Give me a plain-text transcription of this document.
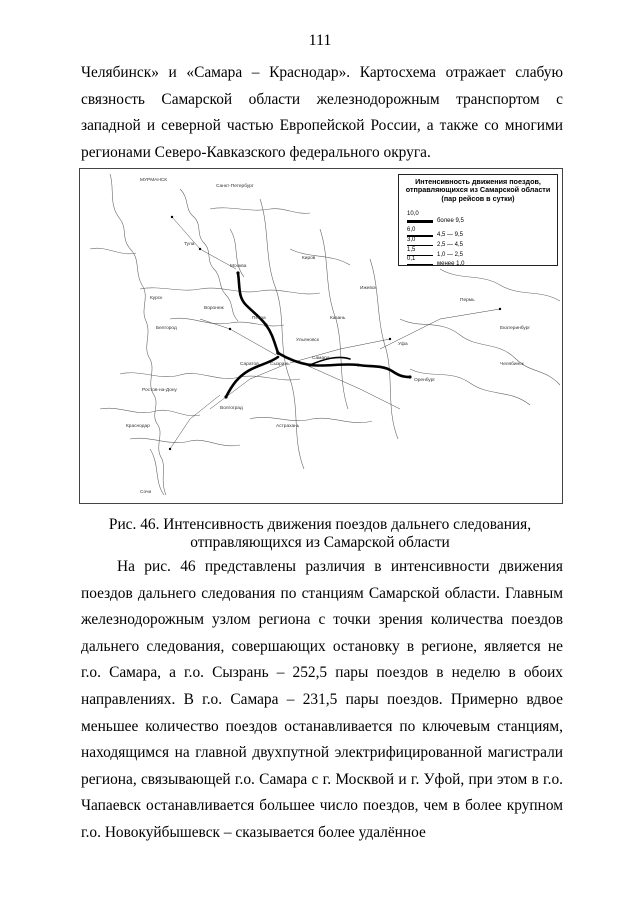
111

Челябинск» и «Самара – Краснодар». Картосхема отражает слабую связность Самарской области железнодорожным транспортом с западной и северной частью Европейской России, а также со многими регионами Северо-Кавказского федерального округа.

МУРМАНСК
Санкт-Петербург
Москва
Тула
Курск
Белгород
Воронеж
Пенза
Сызрань
Самара
Ульяновск
Казань
Уфа
Оренбург
Саратов
Волгоград
Астрахань
Ростов-на-Дону
Краснодар
Сочи
Киров
Ижевск
Пермь
Екатеринбург
Челябинск
Интенсивность движения поездов,
отправляющихся из Самарской области
(пар рейсов в сутки)
10,0
более 9,5
6,0
4,5 — 9,5
3,0
2,5 — 4,5
1,5
1,0 — 2,5
0,1
менее 1,0
Рис. 46. Интенсивность движения поездов дальнего следования,
отправляющихся из Самарской области

На рис. 46 представлены различия в интенсивности движения поездов дальнего следования по станциям Самарской области. Главным железнодорожным узлом региона с точки зрения количества поездов дальнего следования, совершающих остановку в регионе, является не г.о. Самара, а г.о. Сызрань – 252,5 пары поездов в неделю в обоих направлениях. В г.о. Самара – 231,5 пары поездов. Примерно вдвое меньшее количество поездов останавливается по ключевым станциям, находящимся на главной двухпутной электрифицированной магистрали региона, связывающей г.о. Самара с г. Москвой и г. Уфой, при этом в г.о. Чапаевск останавливается большее число поездов, чем в более крупном г.о. Новокуйбышевск – сказывается более удалённое
